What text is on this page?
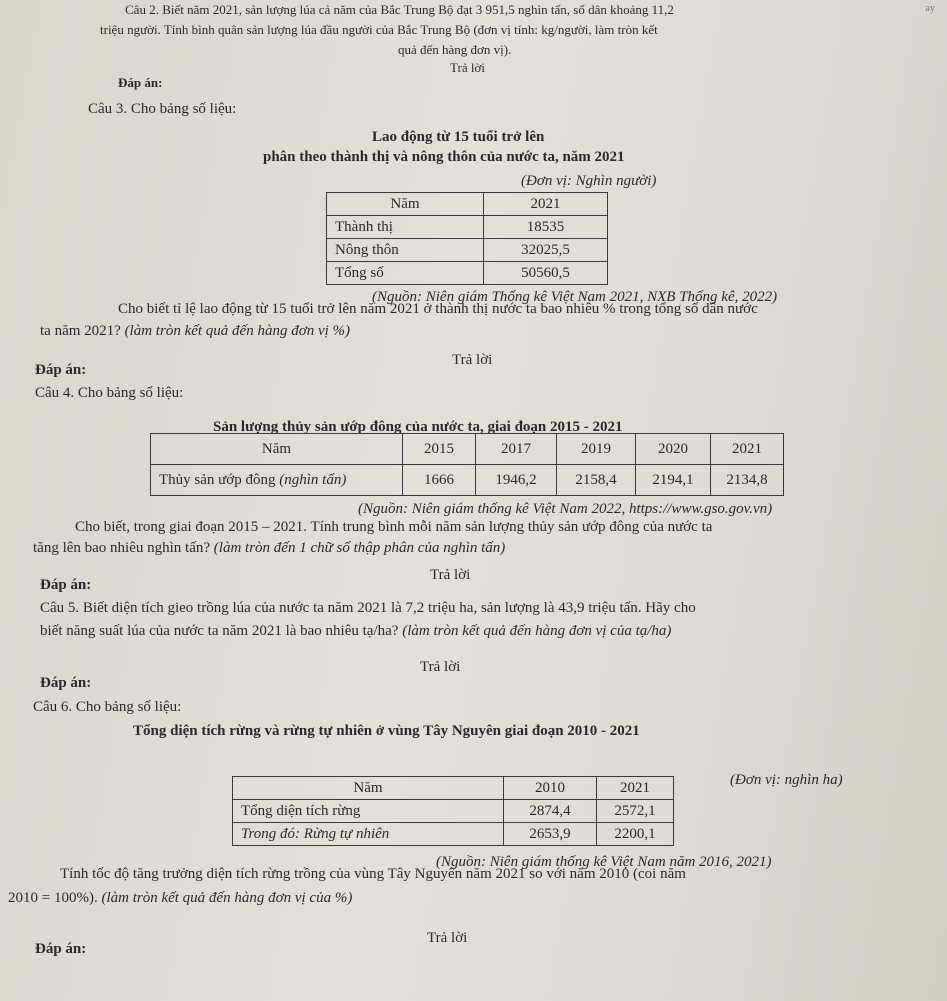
ay
Câu 2. Biết năm 2021, sản lượng lúa cả năm của Bắc Trung Bộ đạt 3 951,5 nghìn tấn, số dân khoảng 11,2
triệu người. Tính bình quân sản lượng lúa đầu người của Bắc Trung Bộ (đơn vị tính: kg/người, làm tròn kết
quả đến hàng đơn vị).
Trả lời
Đáp án:
Câu 3. Cho bảng số liệu:
Lao động từ 15 tuổi trở lên
phân theo thành thị và nông thôn của nước ta, năm 2021
(Đơn vị: Nghìn người)
Năm	2021
Thành thị	18535
Nông thôn	32025,5
Tổng số	50560,5
(Nguồn: Niên giám Thống kê Việt Nam 2021, NXB Thống kê, 2022)
Cho biết tỉ lệ lao động từ 15 tuổi trở lên năm 2021 ở thành thị nước ta bao nhiêu % trong tổng số dân nước
ta năm 2021? (làm tròn kết quả đến hàng đơn vị %)
Trả lời
Đáp án:
Câu 4. Cho bảng số liệu:
Sản lượng thủy sản ướp đông của nước ta, giai đoạn 2015 - 2021
Năm	2015	2017	2019	2020	2021
Thủy sản ướp đông (nghìn tấn)	1666	1946,2	2158,4	2194,1	2134,8
(Nguồn: Niên giám thống kê Việt Nam 2022, https://www.gso.gov.vn)
Cho biết, trong giai đoạn 2015 – 2021. Tính trung bình mỗi năm sản lượng thủy sản ướp đông của nước ta
tăng lên bao nhiêu nghìn tấn? (làm tròn đến 1 chữ số thập phân của nghìn tấn)
Trả lời
Đáp án:
Câu 5. Biết diện tích gieo trồng lúa của nước ta năm 2021 là 7,2 triệu ha, sản lượng là 43,9 triệu tấn. Hãy cho
biết năng suất lúa của nước ta năm 2021 là bao nhiêu tạ/ha? (làm tròn kết quả đến hàng đơn vị của tạ/ha)
Trả lời
Đáp án:
Câu 6. Cho bảng số liệu:
Tổng diện tích rừng và rừng tự nhiên ở vùng Tây Nguyên giai đoạn 2010 - 2021
(Đơn vị: nghìn ha)
Năm	2010	2021
Tổng diện tích rừng	2874,4	2572,1
Trong đó: Rừng tự nhiên	2653,9	2200,1
(Nguồn: Niên giám thống kê Việt Nam năm 2016, 2021)
Tính tốc độ tăng trưởng diện tích rừng trồng của vùng Tây Nguyên năm 2021 so với năm 2010 (coi năm
2010 = 100%). (làm tròn kết quả đến hàng đơn vị của %)
Trả lời
Đáp án:
